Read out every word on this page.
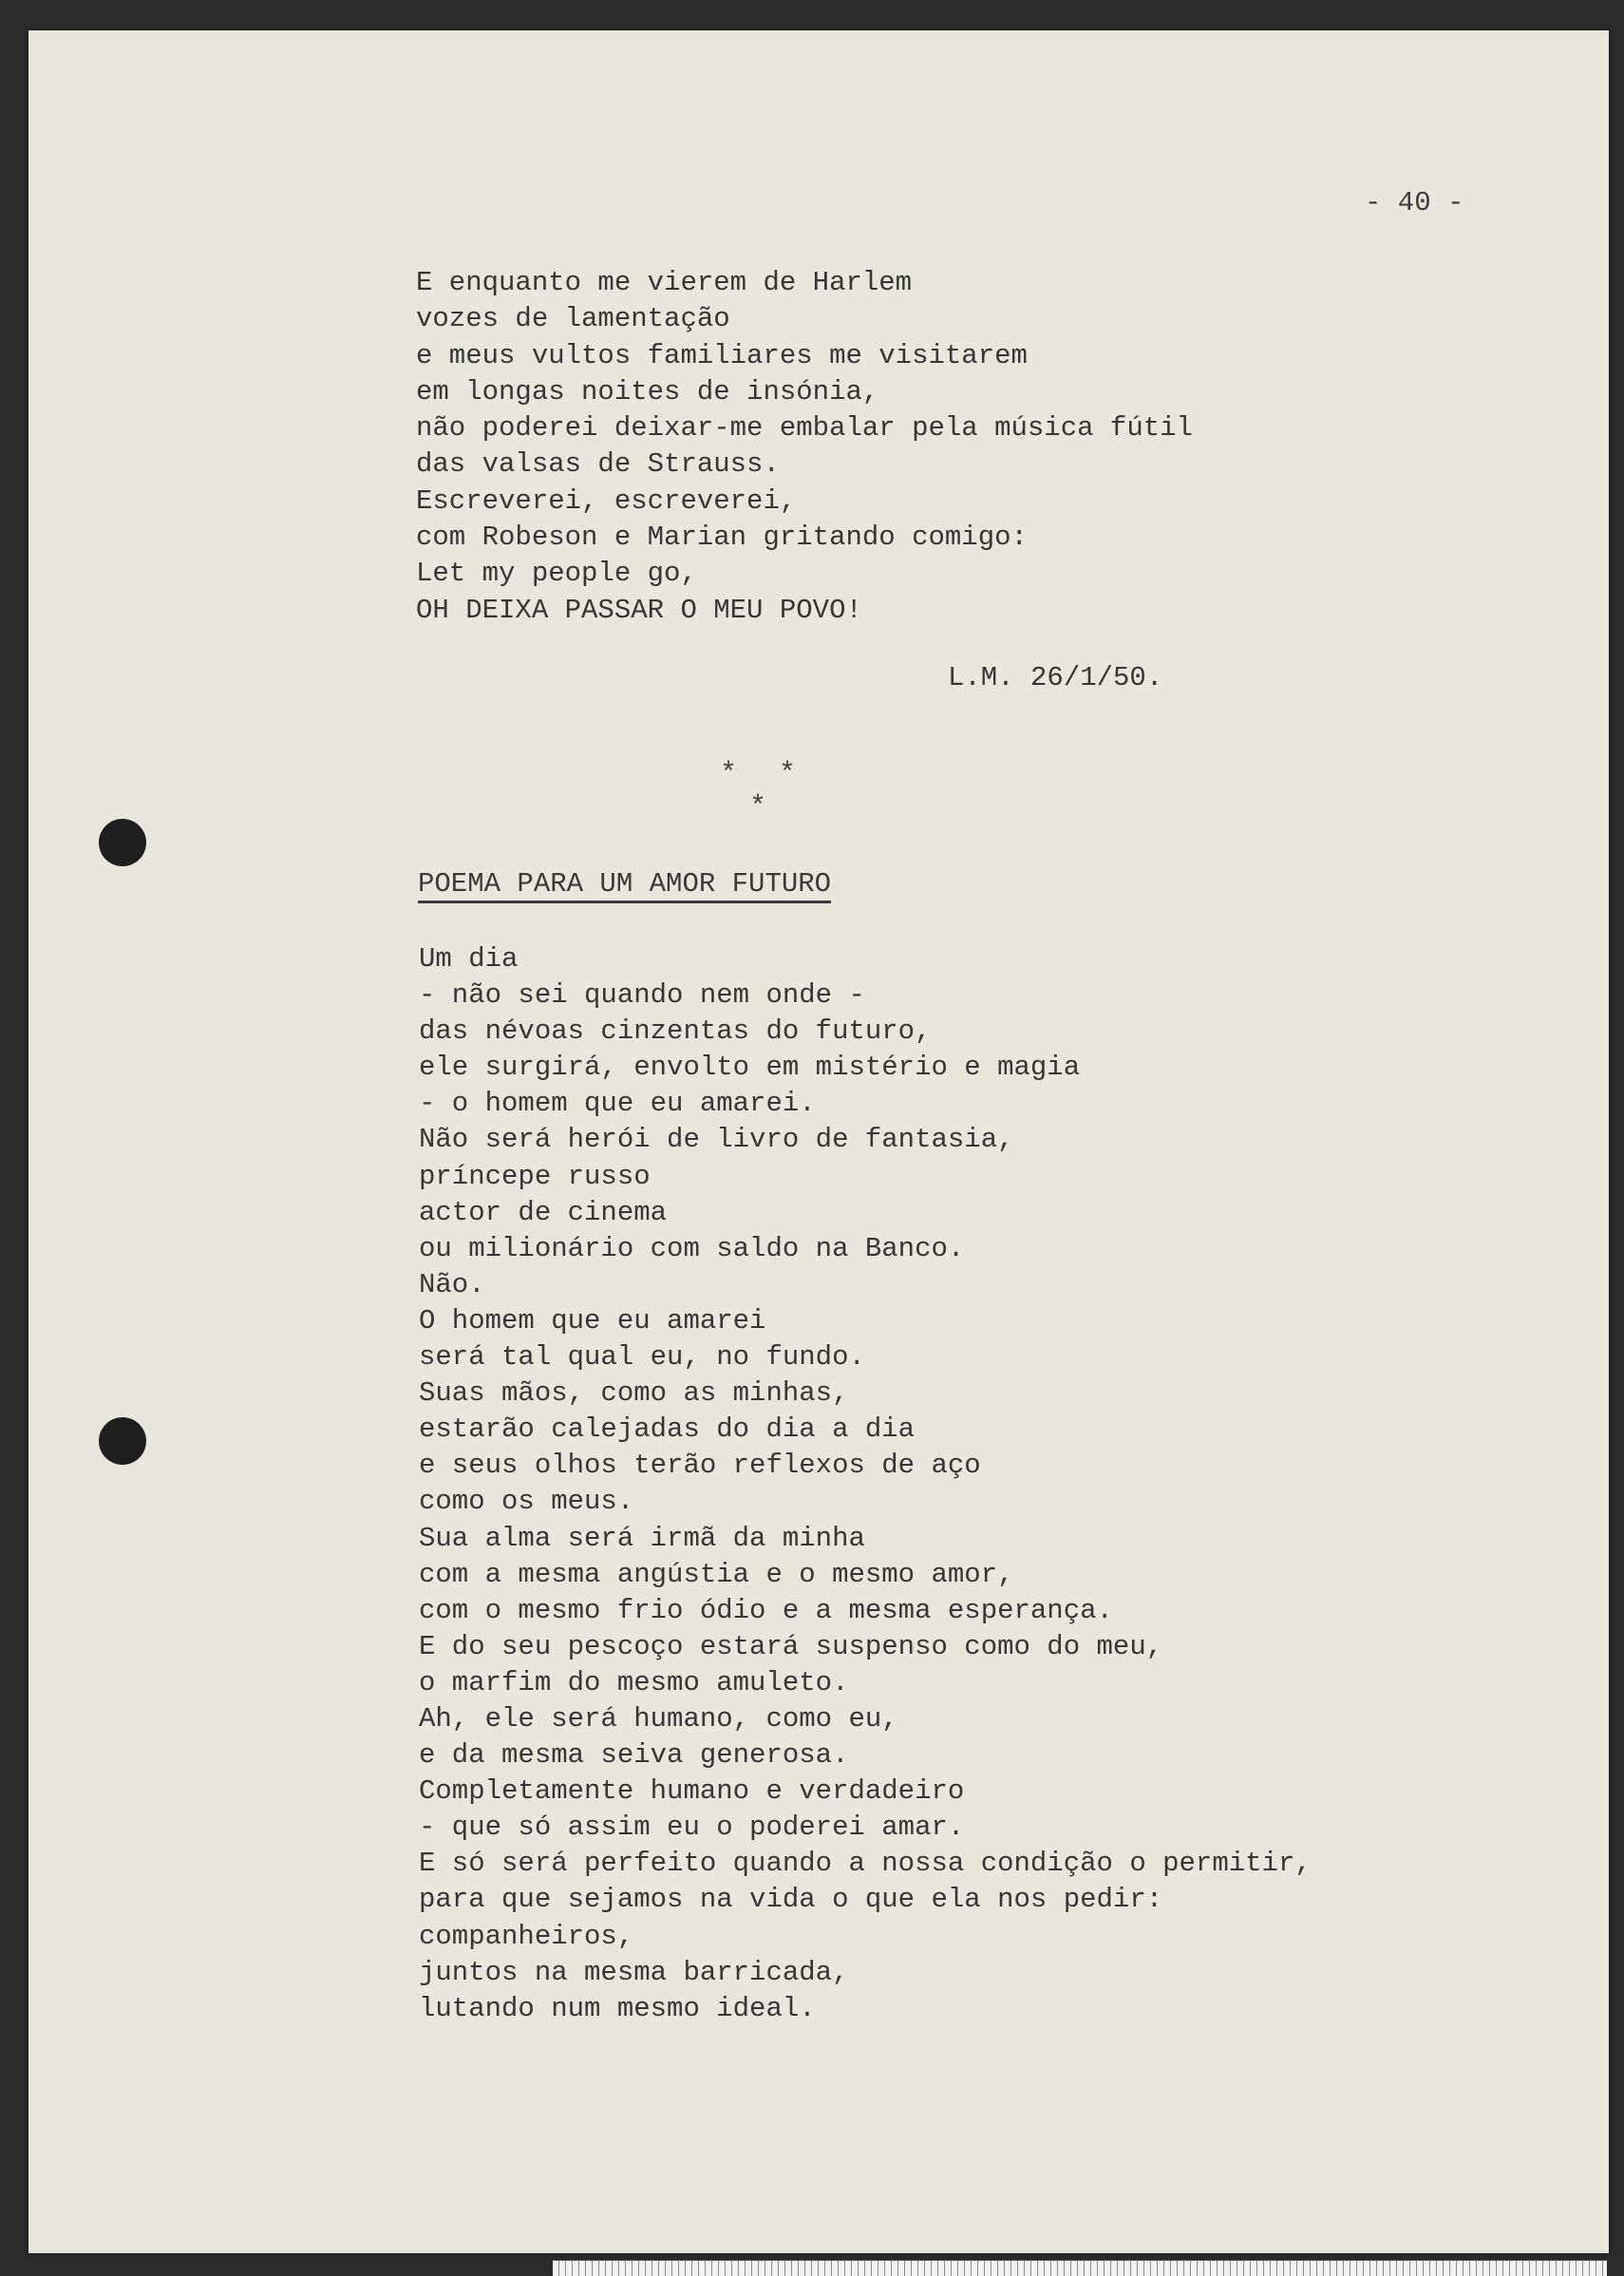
- 40 -
E enquanto me vierem de Harlem
vozes de lamentação
e meus vultos familiares me visitarem
em longas noites de insónia,
não poderei deixar-me embalar pela música fútil
das valsas de Strauss.
Escreverei, escreverei,
com Robeson e Marian gritando comigo:
Let my people go,
OH DEIXA PASSAR O MEU POVO!
L.M. 26/1/50.
* *
*
POEMA PARA UM AMOR FUTURO
Um dia
- não sei quando nem onde -
das névoas cinzentas do futuro,
ele surgirá, envolto em mistério e magia
- o homem que eu amarei.
Não será herói de livro de fantasia,
príncepe russo
actor de cinema
ou milionário com saldo na Banco.
Não.
O homem que eu amarei
será tal qual eu, no fundo.
Suas mãos, como as minhas,
estarão calejadas do dia a dia
e seus olhos terão reflexos de aço
como os meus.
Sua alma será irmã da minha
com a mesma angústia e o mesmo amor,
com o mesmo frio ódio e a mesma esperança.
E do seu pescoço estará suspenso como do meu,
o marfim do mesmo amuleto.
Ah, ele será humano, como eu,
e da mesma seiva generosa.
Completamente humano e verdadeiro
- que só assim eu o poderei amar.
E só será perfeito quando a nossa condição o permitir,
para que sejamos na vida o que ela nos pedir:
companheiros,
juntos na mesma barricada,
lutando num mesmo ideal.
